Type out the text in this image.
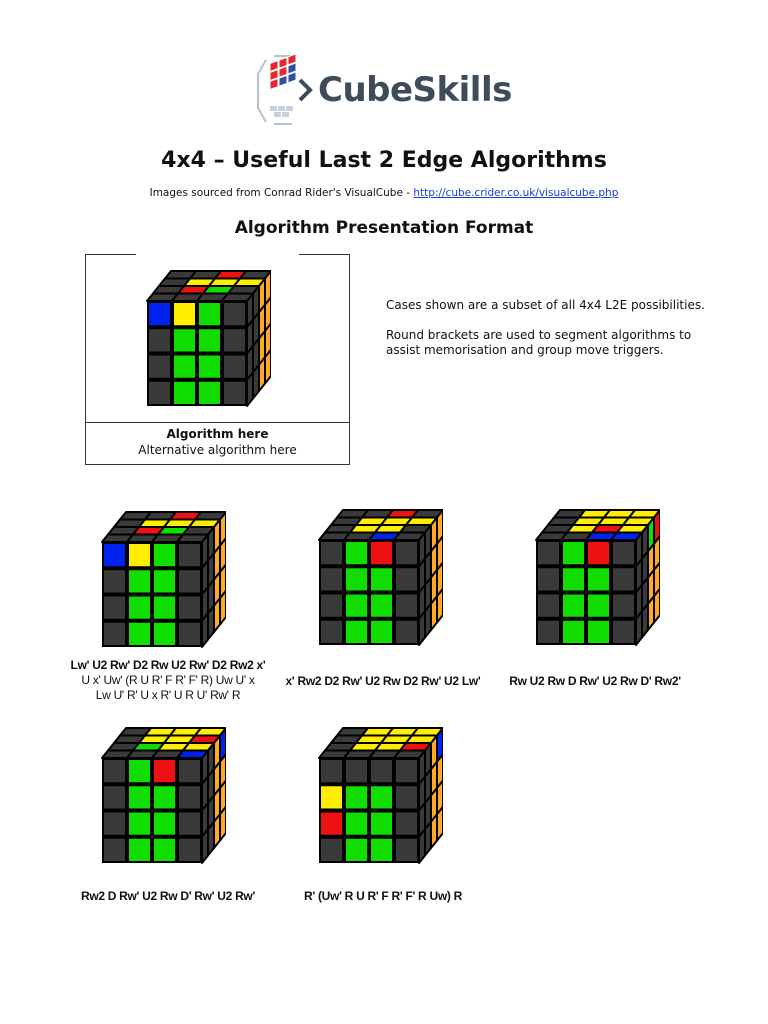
CubeSkills
4x4 – Useful Last 2 Edge Algorithms
Images sourced from Conrad Rider's VisualCube - http://cube.crider.co.uk/visualcube.php
Algorithm Presentation Format
Algorithm here
Alternative algorithm here

Cases shown are a subset of all 4x4 L2E possibilities.

Round brackets are used to segment algorithms to assist memorisation and group move triggers.

Lw' U2 Rw' D2 Rw U2 Rw' D2 Rw2 x'
U x' Uw' (R U R' F R' F' R) Uw U' x
Lw U' R' U x R' U R U' Rw' R
x' Rw2 D2 Rw' U2 Rw D2 Rw' U2 Lw'	Rw U2 Rw D Rw' U2 Rw D' Rw2'
Rw2 D Rw' U2 Rw D' Rw' U2 Rw'	R' (Uw' R U R' F R' F' R Uw) R
